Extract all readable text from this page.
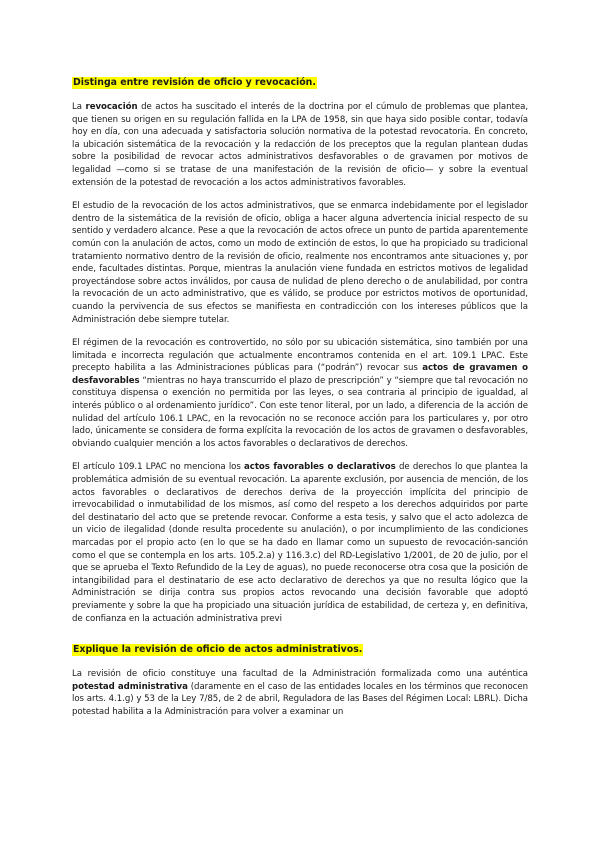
Distinga entre revisión de oficio y revocación.

La revocación de actos ha suscitado el interés de la doctrina por el cúmulo de problemas que plantea, que tienen su origen en su regulación fallida en la LPA de 1958, sin que haya sido posible contar, todavía hoy en día, con una adecuada y satisfactoria solución normativa de la potestad revocatoria. En concreto, la ubicación sistemática de la revocación y la redacción de los preceptos que la regulan plantean dudas sobre la posibilidad de revocar actos administrativos desfavorables o de gravamen por motivos de legalidad —como si se tratase de una manifestación de la revisión de oficio— y sobre la eventual extensión de la potestad de revocación a los actos administrativos favorables.

El estudio de la revocación de los actos administrativos, que se enmarca indebidamente por el legislador dentro de la sistemática de la revisión de oficio, obliga a hacer alguna advertencia inicial respecto de su sentido y verdadero alcance. Pese a que la revocación de actos ofrece un punto de partida aparentemente común con la anulación de actos, como un modo de extinción de estos, lo que ha propiciado su tradicional tratamiento normativo dentro de la revisión de oficio, realmente nos encontramos ante situaciones y, por ende, facultades distintas. Porque, mientras la anulación viene fundada en estrictos motivos de legalidad proyectándose sobre actos inválidos, por causa de nulidad de pleno derecho o de anulabilidad, por contra la revocación de un acto administrativo, que es válido, se produce por estrictos motivos de oportunidad, cuando la pervivencia de sus efectos se manifiesta en contradicción con los intereses públicos que la Administración debe siempre tutelar.

El régimen de la revocación es controvertido, no sólo por su ubicación sistemática, sino también por una limitada e incorrecta regulación que actualmente encontramos contenida en el art. 109.1 LPAC. Este precepto habilita a las Administraciones públicas para (“podrán”) revocar sus actos de gravamen o desfavorables “mientras no haya transcurrido el plazo de prescripción” y “siempre que tal revocación no constituya dispensa o exención no permitida por las leyes, o sea contraria al principio de igualdad, al interés público o al ordenamiento jurídico”. Con este tenor literal, por un lado, a diferencia de la acción de nulidad del artículo 106.1 LPAC, en la revocación no se reconoce acción para los particulares y, por otro lado, únicamente se considera de forma explícita la revocación de los actos de gravamen o desfavorables, obviando cualquier mención a los actos favorables o declarativos de derechos.

El artículo 109.1 LPAC no menciona los actos favorables o declarativos de derechos lo que plantea la problemática admisión de su eventual revocación. La aparente exclusión, por ausencia de mención, de los actos favorables o declarativos de derechos deriva de la proyección implícita del principio de irrevocabilidad o inmutabilidad de los mismos, así como del respeto a los derechos adquiridos por parte del destinatario del acto que se pretende revocar. Conforme a esta tesis, y salvo que el acto adolezca de un vicio de ilegalidad (donde resulta procedente su anulación), o por incumplimiento de las condiciones marcadas por el propio acto (en lo que se ha dado en llamar como un supuesto de revocación-sanción como el que se contempla en los arts. 105.2.a) y 116.3.c) del RD-Legislativo 1/2001, de 20 de julio, por el que se aprueba el Texto Refundido de la Ley de aguas), no puede reconocerse otra cosa que la posición de intangibilidad para el destinatario de ese acto declarativo de derechos ya que no resulta lógico que la Administración se dirija contra sus propios actos revocando una decisión favorable que adoptó previamente y sobre la que ha propiciado una situación jurídica de estabilidad, de certeza y, en definitiva, de confianza en la actuación administrativa previ

Explique la revisión de oficio de actos administrativos.

La revisión de oficio constituye una facultad de la Administración formalizada como una auténtica potestad administrativa (daramente en el caso de las entidades locales en los términos que reconocen los arts. 4.1.g) y 53 de la Ley 7/85, de 2 de abril, Reguladora de las Bases del Régimen Local: LBRL). Dicha potestad habilita a la Administración para volver a examinar un
